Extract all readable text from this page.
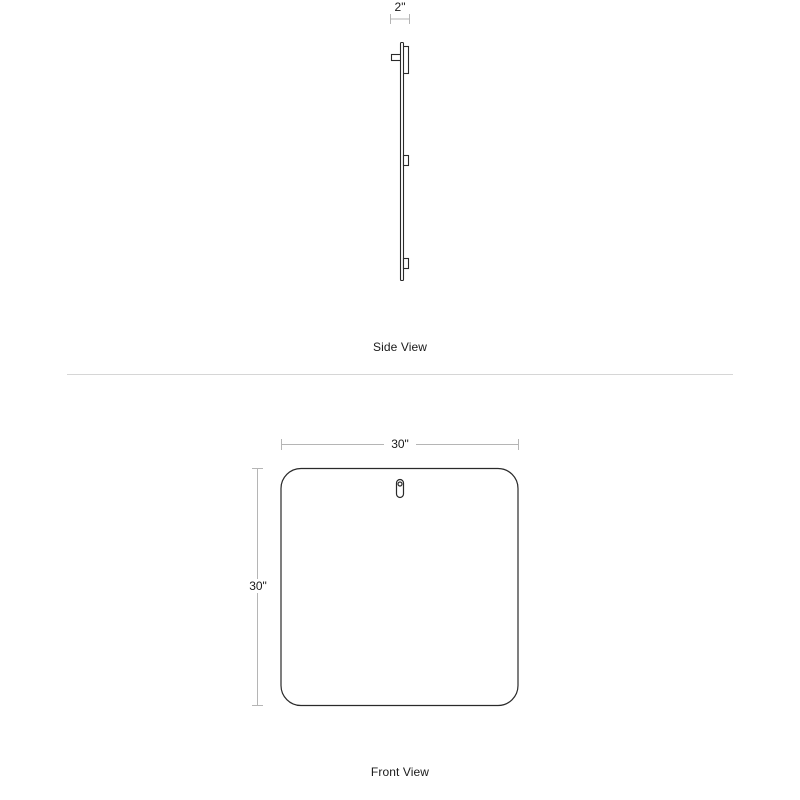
2"
Side View
30"
30"
Front View
